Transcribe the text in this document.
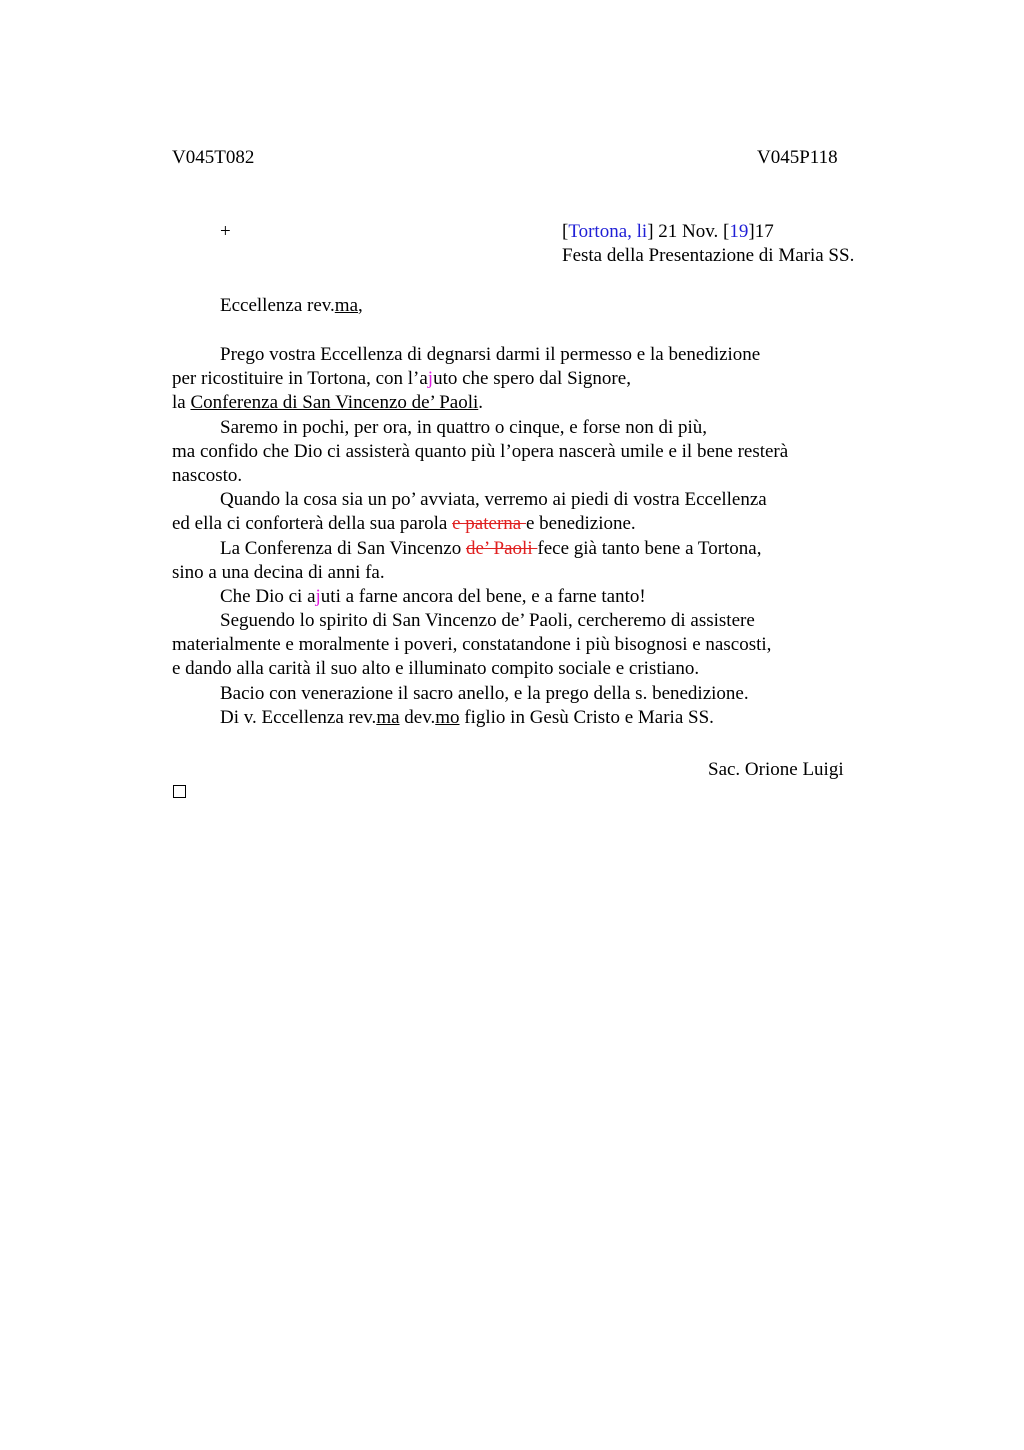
V045T082	V045P118
+	[Tortona, li] 21 Nov. [19]17
Festa della Presentazione di Maria SS.
Eccellenza rev.ma,
Prego vostra Eccellenza di degnarsi darmi il permesso e la benedizione
per ricostituire in Tortona, con l’ajuto che spero dal Signore,
la Conferenza di San Vincenzo de’ Paoli.
Saremo in pochi, per ora, in quattro o cinque, e forse non di più,
ma confido che Dio ci assisterà quanto più l’opera nascerà umile e il bene resterà
nascosto.
Quando la cosa sia un po’ avviata, verremo ai piedi di vostra Eccellenza
ed ella ci conforterà della sua parola e paterna e benedizione.
La Conferenza di San Vincenzo de’ Paoli fece già tanto bene a Tortona,
sino a una decina di anni fa.
Che Dio ci ajuti a farne ancora del bene, e a farne tanto!
Seguendo lo spirito di San Vincenzo de’ Paoli, cercheremo di assistere
materialmente e moralmente i poveri, constatandone i più bisognosi e nascosti,
e dando alla carità il suo alto e illuminato compito sociale e cristiano.
Bacio con venerazione il sacro anello, e la prego della s. benedizione.
Di v. Eccellenza rev.ma dev.mo figlio in Gesù Cristo e Maria SS.
Sac. Orione Luigi
